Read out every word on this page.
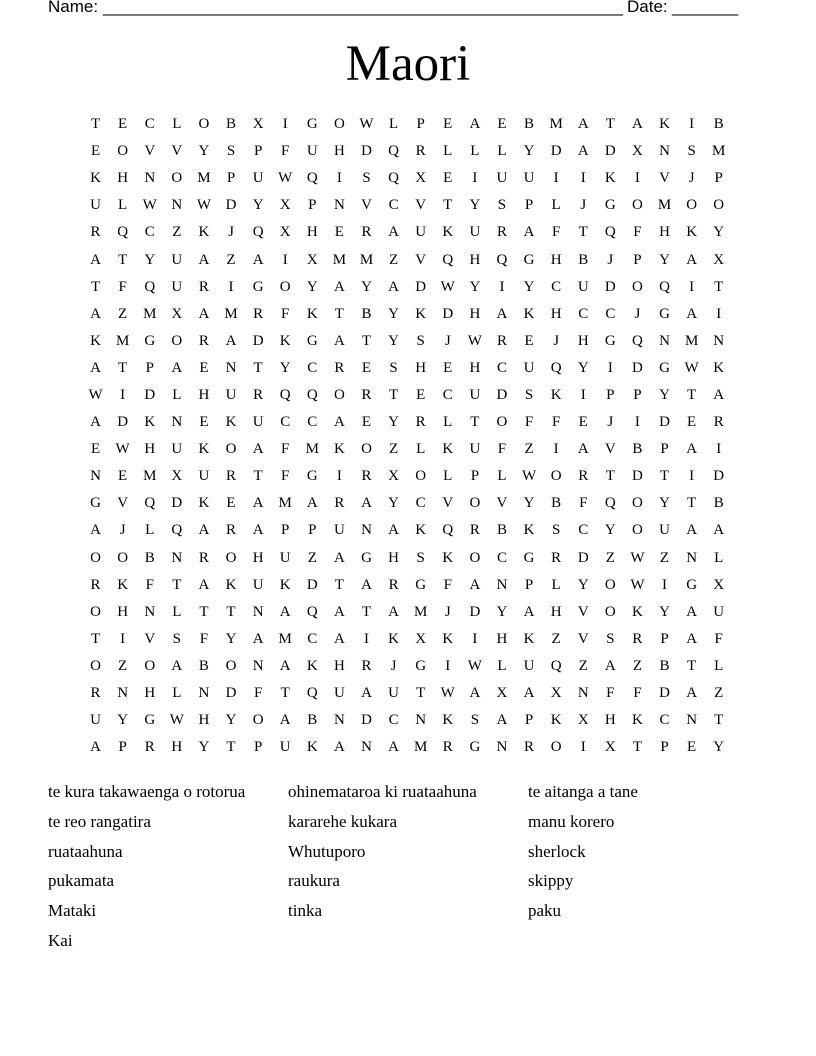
Name: _______________________________________________________ Date: _______
Maori
T	E	C	L	O	B	X	I	G	O W	L	P	E	A	E	B	M	A	T	A	K	I	B
E	O	V	V	Y	S	P	F	U	H	D	Q	R	L	L	L	Y	D	A	D	X	N	S	M
K	H	N	O	M	P	U W Q	I	S	Q	X	E	I	U	U	I	I	K	I	V	J	P
U	L	W N W D	Y	X	P	N	V	C	V	T	Y	S	P	L	J	G	O	M	O	O
R	Q	C	Z	K	J	Q	X	H	E	R	A	U	K	U	R	A	F	T	Q	F	H	K	Y
A	T	Y	U	A	Z	A	I	X	M M	Z	V	Q	H	Q	G	H	B	J	P	Y	A	X
T	F	Q	U	R	I	G	O	Y	A	Y	A	D W Y	I	Y	C	U	D	O	Q	I	T
A	Z	M	X	A	M	R	F	K	T	B	Y	K	D	H	A	K	H	C	C	J	G	A	I
K	M	G	O	R	A	D	K	G	A	T	Y	S	J	W	R	E	J	H	G	Q	N	M	N
A	T	P	A	E	N	T	Y	C	R	E	S	H	E	H	C	U	Q	Y	I	D	G W K
W	I	D	L	H	U	R	Q	Q	O	R	T	E	C	U	D	S	K	I	P	P	Y	T	A
A	D	K	N	E	K	U	C	C	A	E	Y	R	L	T	O	F	F	E	J	I	D	E	R
E	W H	U	K	O	A	F	M	K	O	Z	L	K	U	F	Z	I	A	V	B	P	A	I
N	E	M	X	U	R	T	F	G	I	R	X	O	L	P	L	W O	R	T	D	T	I	D
G	V	Q	D	K	E	A	M	A	R	A	Y	C	V	O	V	Y	B	F	Q	O	Y	T	B
A	J	L	Q	A	R	A	P	P	U	N	A	K	Q	R	B	K	S	C	Y	O	U	A	A
O	O	B	N	R	O	H	U	Z	A	G	H	S	K	O	C	G	R	D	Z	W	Z	N	L
R	K	F	T	A	K	U	K	D	T	A	R	G	F	A	N	P	L	Y	O W	I	G	X
O	H	N	L	T	T	N	A	Q	A	T	A	M	J	D	Y	A	H	V	O	K	Y	A	U
T	I	V	S	F	Y	A	M	C	A	I	K	X	K	I	H	K	Z	V	S	R	P	A	F
O	Z	O	A	B	O	N	A	K	H	R	J	G	I	W	L	U	Q	Z	A	Z	B	T	L
R	N	H	L	N	D	F	T	Q	U	A	U	T	W A	X	A	X	N	F	F	D	A	Z
U	Y	G W H	Y	O	A	B	N	D	C	N	K	S	A	P	K	X	H	K	C	N	T
A	P	R	H	Y	T	P	U	K	A	N	A	M	R	G	N	R	O	I	X	T	P	E	Y
te kura takawaenga o rotorua	ohinemataroa ki ruataahuna	te aitanga a tane
te reo rangatira	kararehe kukara	manu korero
ruataahuna	Whutuporo	sherlock
pukamata	raukura	skippy
Mataki	tinka	paku
Kai
